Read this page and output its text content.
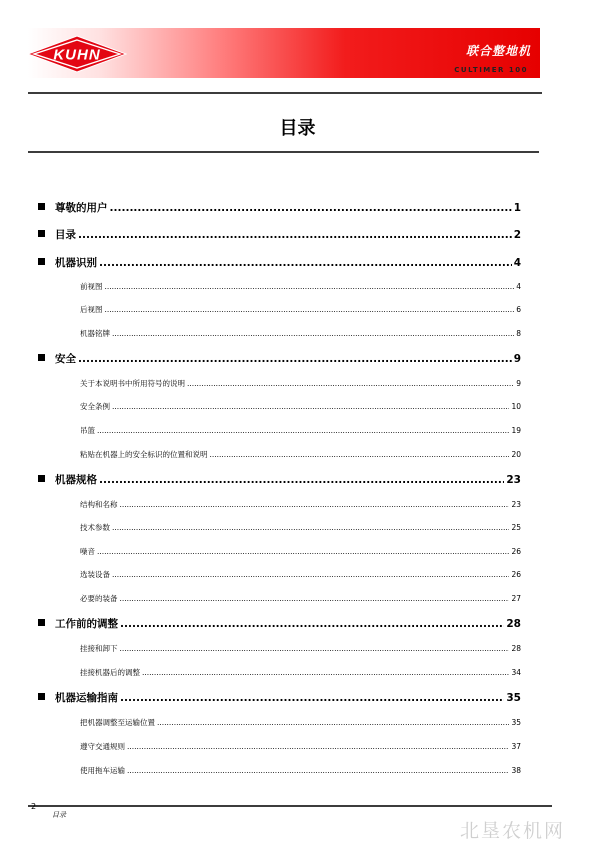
KUHN	联合整地机
CULTIMER 100
目录
尊敬的用户 .....	1
目录 .....	2
机器识别 .....	4
前视图 .....	4
后视图 .....	6
机器铭牌 .....	8
安全 .....	9
关于本说明书中所用符号的说明 .....	9
安全条例 .....	10
吊篮 .....	19
粘贴在机器上的安全标识的位置和说明 .....	20
机器规格 .....	23
结构和名称 .....	23
技术参数 .....	25
噪音 .....	26
选装设备 .....	26
必要的装备 .....	27
工作前的调整 .....	28
挂接和卸下 .....	28
挂接机器后的调整 .....	34
机器运输指南 .....	35
把机器调整至运输位置 .....	35
遵守交通规则 .....	37
使用拖车运输 .....	38
2
目录
北垦农机网
